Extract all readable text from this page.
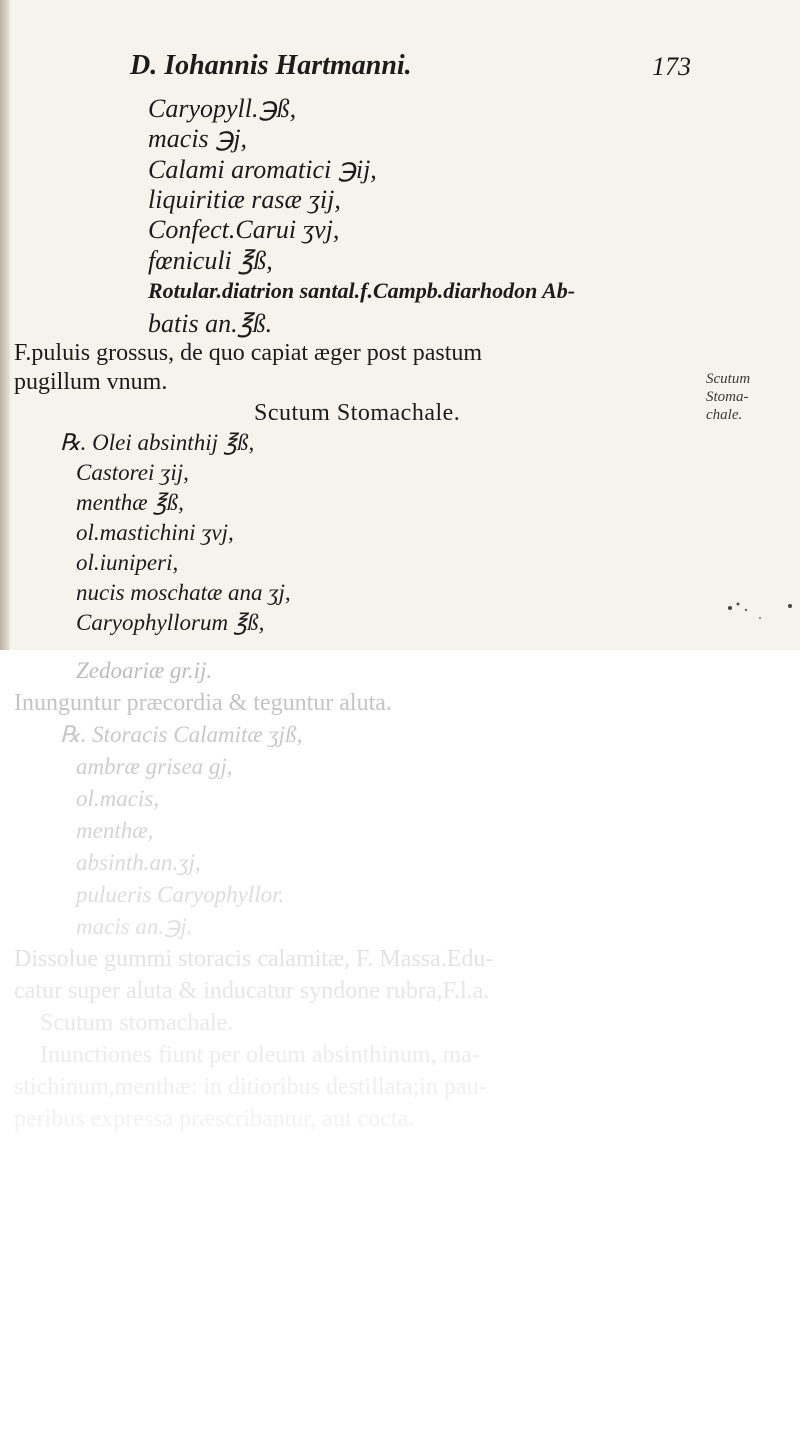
D. Iohannis Hartmanni.	173
Caryopyll.℈ß,
macis ℈j,
Calami aromatici ℈ij,
liquiritiæ rasæ ʒij,
Confect.Carui ʒvj,
fœniculi ℥ß,
Rotular.diatrion santal.f.Campb.diarhodon Ab-
batis an.℥ß.
F.puluis grossus, de quo capiat æger post pastum
pugillum vnum.
Scutum Stomachale.
℞. Olei absinthij ℥ß,
Castorei ʒij,
menthæ ℥ß,
ol.mastichini ʒvj,
ol.iuniperi,
nucis moschatæ ana ʒj,
Caryophyllorum ℥ß,
Scutum
Stoma-
chale.
Zedoariæ gr.ij.
Inunguntur præcordia & teguntur aluta.
℞. Storacis Calamitæ ʒjß,
ambræ grisea gj,
ol.macis,
menthæ,
absinth.an.ʒj,
pulueris Caryophyllor.
macis an.℈j.
Dissolue gummi storacis calamitæ, F. Massa.Edu-
catur super aluta & inducatur syndone rubra,F.l.a.
Scutum stomachale.
Inunctiones fiunt per oleum absinthinum, ma-
stichinum,menthæ: in ditioribus destillata;in pau-
peribus expressa præscribantur, aut cocta.
